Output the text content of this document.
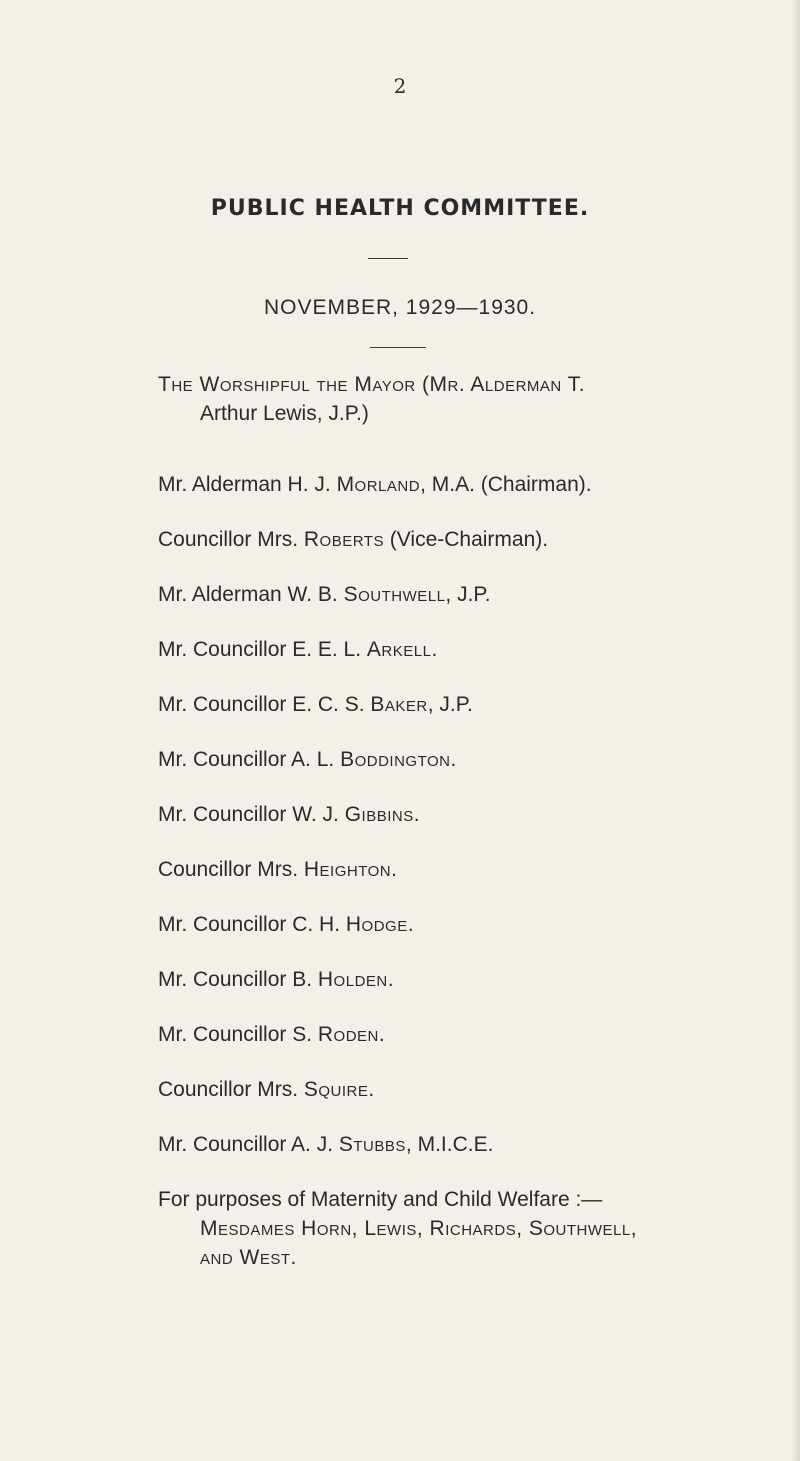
2
PUBLIC HEALTH COMMITTEE.
NOVEMBER, 1929—1930.
The Worshipful the Mayor (Mr. Alderman T.
Arthur Lewis, J.P.)
Mr. Alderman H. J. Morland, M.A. (Chairman).
Councillor Mrs. Roberts (Vice-Chairman).
Mr. Alderman W. B. Southwell, J.P.
Mr. Councillor E. E. L. Arkell.
Mr. Councillor E. C. S. Baker, J.P.
Mr. Councillor A. L. Boddington.
Mr. Councillor W. J. Gibbins.
Councillor Mrs. Heighton.
Mr. Councillor C. H. Hodge.
Mr. Councillor B. Holden.
Mr. Councillor S. Roden.
Councillor Mrs. Squire.
Mr. Councillor A. J. Stubbs, M.I.C.E.
For purposes of Maternity and Child Welfare :—
Mesdames Horn, Lewis, Richards, Southwell,
and West.
